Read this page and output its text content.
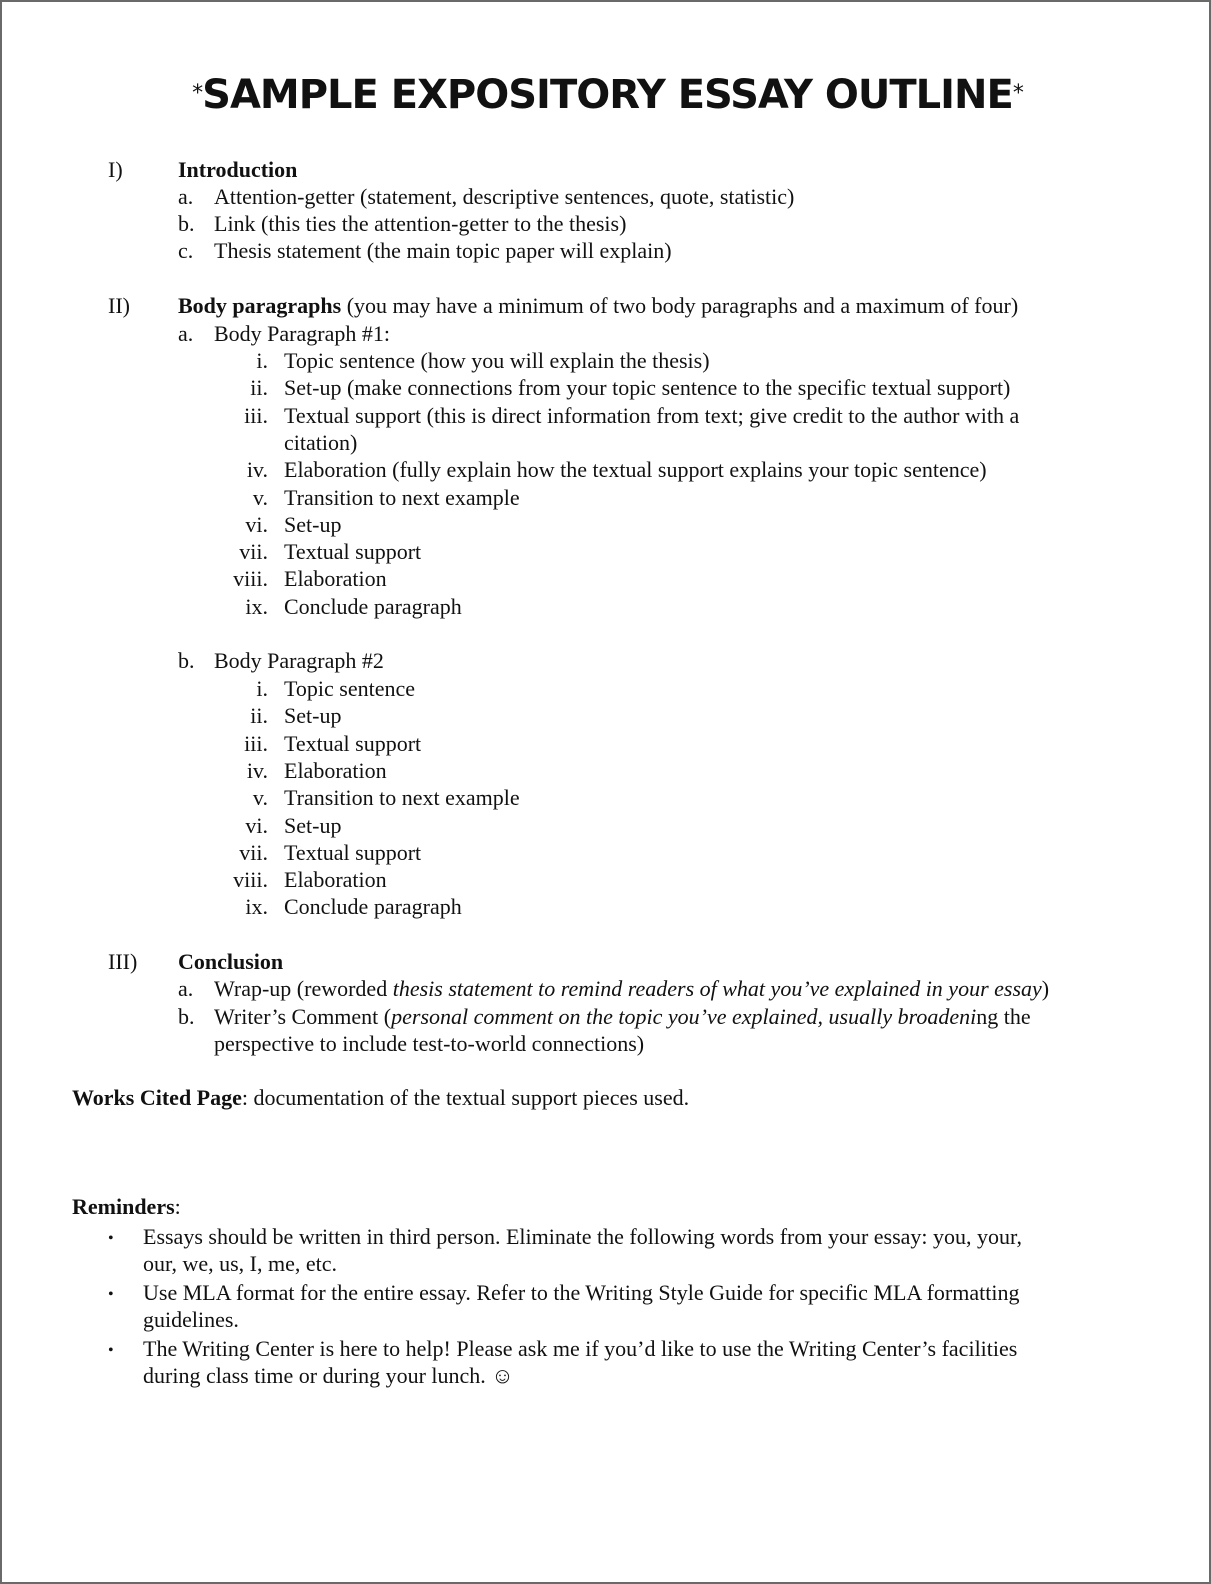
*SAMPLE EXPOSITORY ESSAY OUTLINE*
I)	Introduction
a. Attention-getter (statement, descriptive sentences, quote, statistic)
b. Link (this ties the attention-getter to the thesis)
c. Thesis statement (the main topic paper will explain)
II)	Body paragraphs (you may have a minimum of two body paragraphs and a maximum of four)
a. Body Paragraph #1:
i. Topic sentence (how you will explain the thesis)
ii. Set-up (make connections from your topic sentence to the specific textual support)
iii. Textual support (this is direct information from text; give credit to the author with a
citation)
iv. Elaboration (fully explain how the textual support explains your topic sentence)
v. Transition to next example
vi. Set-up
vii. Textual support
viii. Elaboration
ix. Conclude paragraph
b. Body Paragraph #2
i. Topic sentence
ii. Set-up
iii. Textual support
iv. Elaboration
v. Transition to next example
vi. Set-up
vii. Textual support
viii. Elaboration
ix. Conclude paragraph
III)	Conclusion
a. Wrap-up (reworded thesis statement to remind readers of what you’ve explained in your essay)
b. Writer’s Comment (personal comment on the topic you’ve explained, usually broadening the
perspective to include test-to-world connections)
Works Cited Page: documentation of the textual support pieces used.
Reminders:
• Essays should be written in third person. Eliminate the following words from your essay: you, your,
our, we, us, I, me, etc.
• Use MLA format for the entire essay. Refer to the Writing Style Guide for specific MLA formatting
guidelines.
• The Writing Center is here to help! Please ask me if you’d like to use the Writing Center’s facilities
during class time or during your lunch. ☺
